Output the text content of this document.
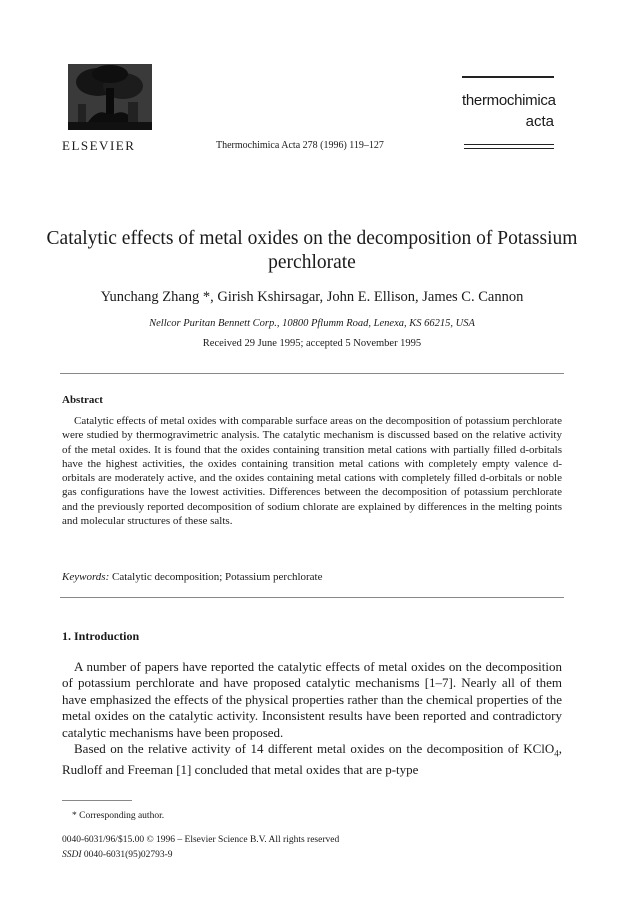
ELSEVIER	Thermochimica Acta 278 (1996) 119–127
thermochimica
acta
Catalytic effects of metal oxides on the decomposition of Potassium perchlorate
Yunchang Zhang *, Girish Kshirsagar, John E. Ellison, James C. Cannon
Nellcor Puritan Bennett Corp., 10800 Pflumm Road, Lenexa, KS 66215, USA
Received 29 June 1995; accepted 5 November 1995
Abstract
Catalytic effects of metal oxides with comparable surface areas on the decomposition of potassium perchlorate were studied by thermogravimetric analysis. The catalytic mechanism is discussed based on the relative activity of the metal oxides. It is found that the oxides containing transition metal cations with partially filled d-orbitals have the highest activities, the oxides containing transition metal cations with completely empty valence d-orbitals are moderately active, and the oxides containing metal cations with completely filled d-orbitals or noble gas configurations have the lowest activities. Differences between the decomposition of potassium perchlorate and the previously reported decomposition of sodium chlorate are explained by differences in the melting points and molecular structures of these salts.
Keywords: Catalytic decomposition; Potassium perchlorate
1. Introduction

A number of papers have reported the catalytic effects of metal oxides on the decomposition of potassium perchlorate and have proposed catalytic mechanisms [1–7]. Nearly all of them have emphasized the effects of the physical properties rather than the chemical properties of the metal oxides on the catalytic activity. Inconsistent results have been reported and contradictory catalytic mechanisms have been proposed.

Based on the relative activity of 14 different metal oxides on the decomposition of KClO$_4$, Rudloff and Freeman [1] concluded that metal oxides that are p-type

* Corresponding author.
0040-6031/96/$15.00 © 1996 – Elsevier Science B.V. All rights reserved
SSDI 0040-6031(95)02793-9
